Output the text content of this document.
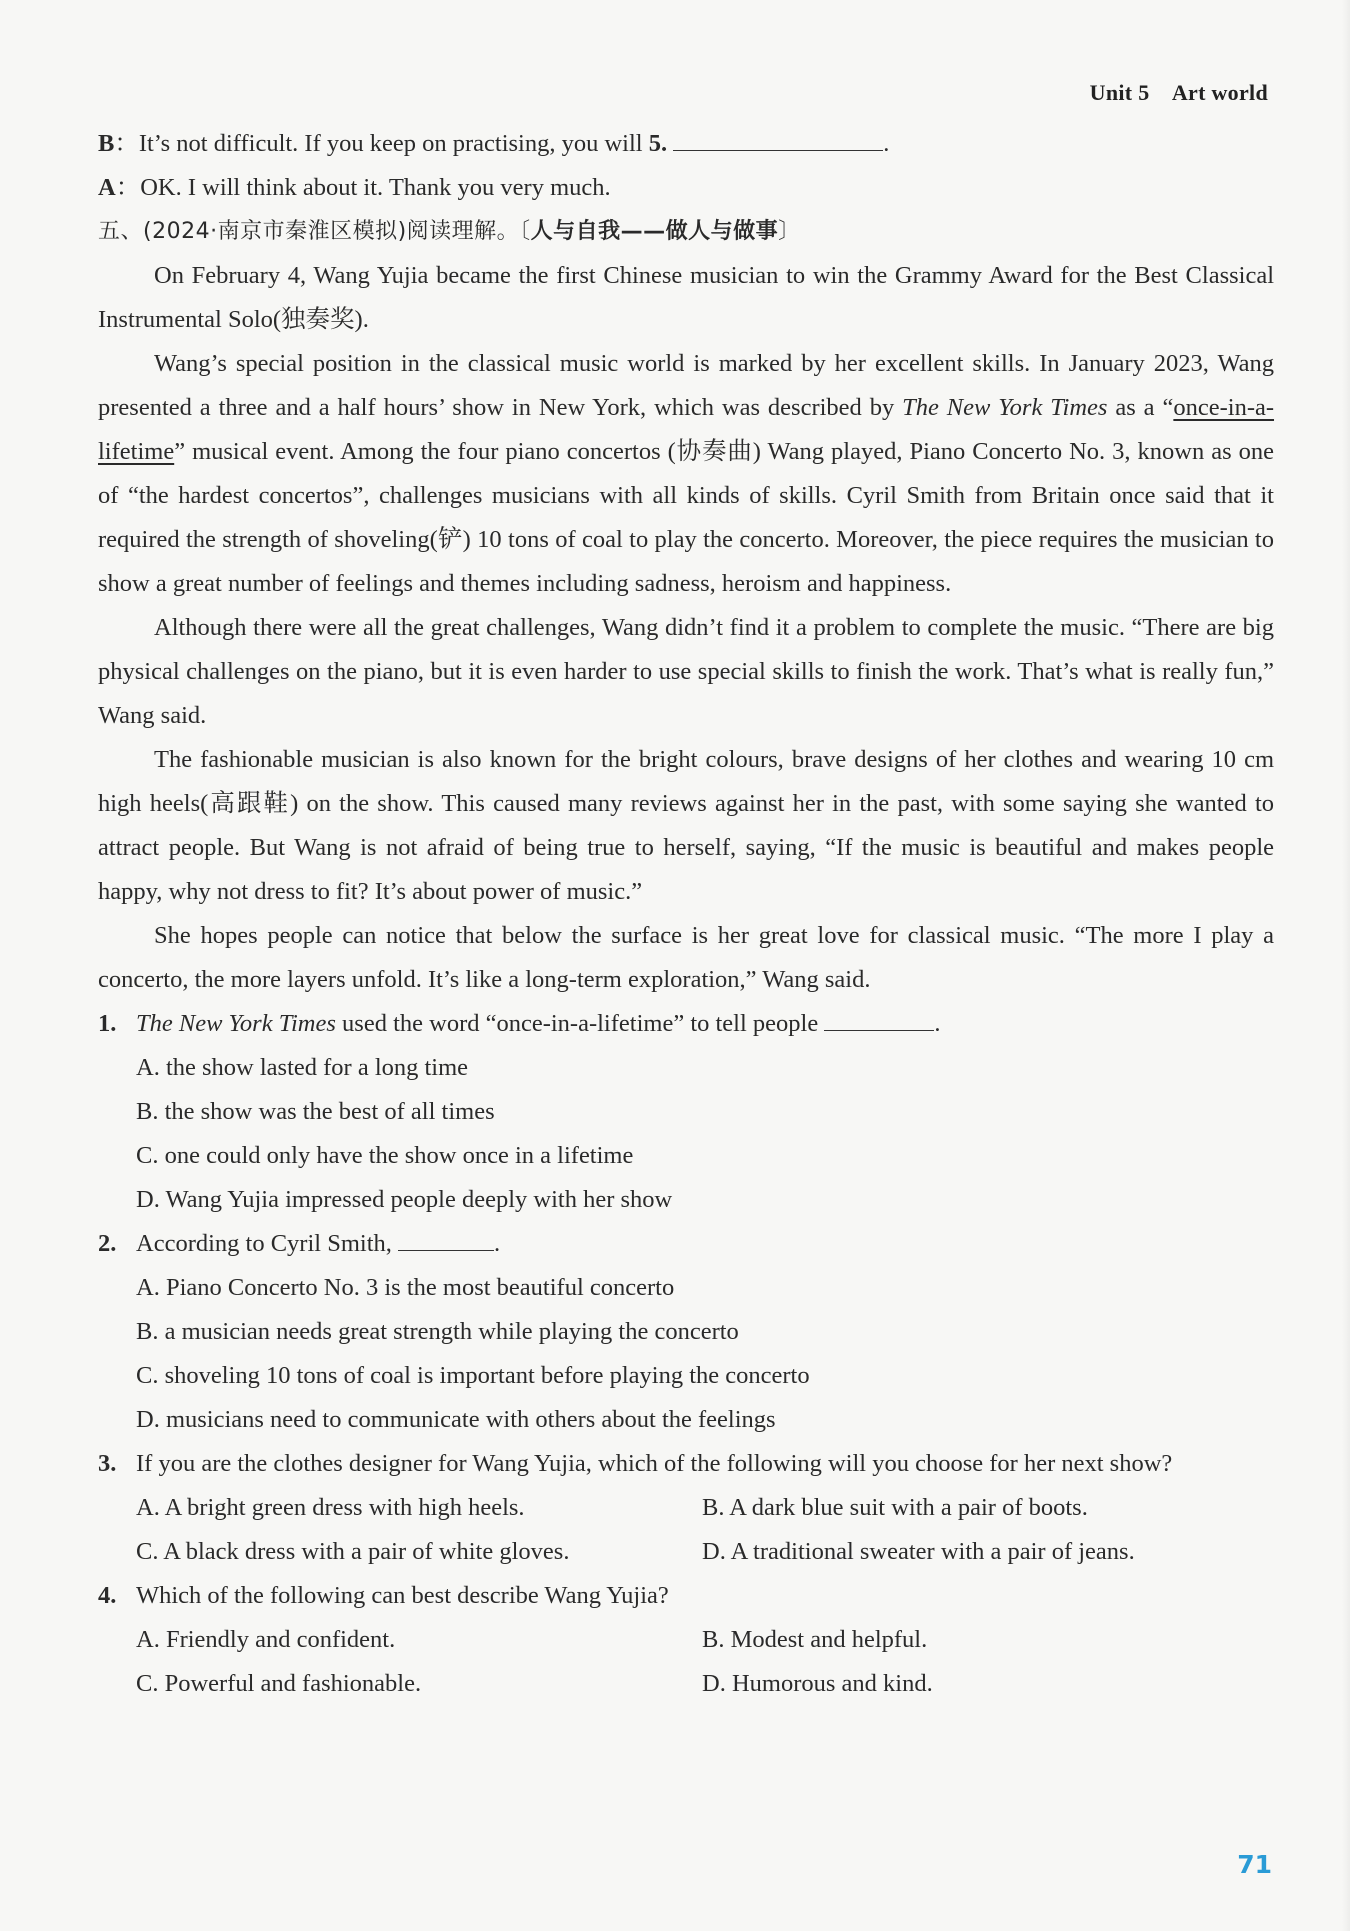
Unit 5　Art world
B：It’s not difficult. If you keep on practising, you will 5.	.
A：OK. I will think about it. Thank you very much.
五、(2024·南京市秦淮区模拟)阅读理解。〔人与自我——做人与做事〕

On February 4, Wang Yujia became the first Chinese musician to win the Grammy Award for the Best Classical Instrumental Solo(独奏奖).

Wang’s special position in the classical music world is marked by her excellent skills. In January 2023, Wang presented a three and a half hours’ show in New York, which was described by The New York Times as a “once-in-a-lifetime” musical event. Among the four piano concertos (协奏曲) Wang played, Piano Concerto No. 3, known as one of “the hardest concertos”, challenges musicians with all kinds of skills. Cyril Smith from Britain once said that it required the strength of shoveling(铲) 10 tons of coal to play the concerto. Moreover, the piece requires the musician to show a great number of feelings and themes including sadness, heroism and happiness.

Although there were all the great challenges, Wang didn’t find it a problem to complete the music. “There are big physical challenges on the piano, but it is even harder to use special skills to finish the work. That’s what is really fun,” Wang said.

The fashionable musician is also known for the bright colours, brave designs of her clothes and wearing 10 cm high heels(高跟鞋) on the show. This caused many reviews against her in the past, with some saying she wanted to attract people. But Wang is not afraid of being true to herself, saying, “If the music is beautiful and makes people happy, why not dress to fit? It’s about power of music.”

She hopes people can notice that below the surface is her great love for classical music. “The more I play a concerto, the more layers unfold. It’s like a long-term exploration,” Wang said.

1. The New York Times used the word “once-in-a-lifetime” to tell people	.
A. the show lasted for a long time
B. the show was the best of all times
C. one could only have the show once in a lifetime
D. Wang Yujia impressed people deeply with her show
2. According to Cyril Smith,	.
A. Piano Concerto No. 3 is the most beautiful concerto
B. a musician needs great strength while playing the concerto
C. shoveling 10 tons of coal is important before playing the concerto
D. musicians need to communicate with others about the feelings
3. If you are the clothes designer for Wang Yujia, which of the following will you choose for her next show?
A. A bright green dress with high heels.	B. A dark blue suit with a pair of boots.
C. A black dress with a pair of white gloves.	D. A traditional sweater with a pair of jeans.
4. Which of the following can best describe Wang Yujia?
A. Friendly and confident.	B. Modest and helpful.
C. Powerful and fashionable.	D. Humorous and kind.
71
